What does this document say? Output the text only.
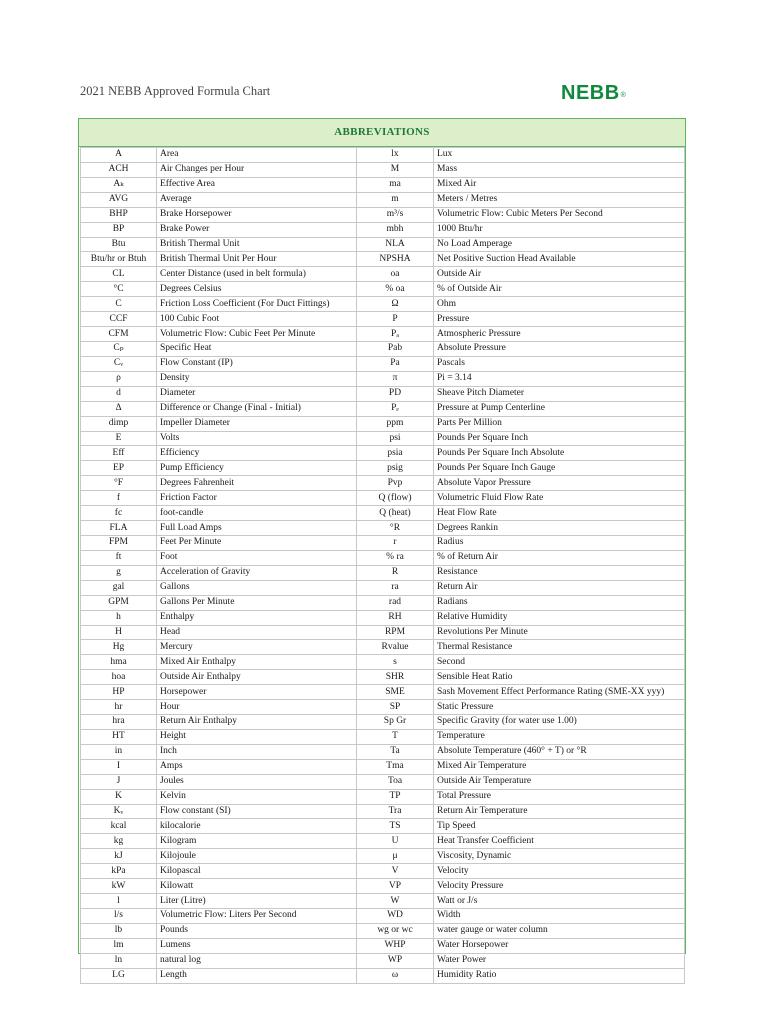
2021 NEBB Approved Formula Chart	NEBB®
ABBREVIATIONS
A	Area	lx	Lux
ACH	Air Changes per Hour	M	Mass
Aₖ	Effective Area	ma	Mixed Air
AVG	Average	m	Meters / Metres
BHP	Brake Horsepower	m³/s	Volumetric Flow: Cubic Meters Per Second
BP	Brake Power	mbh	1000 Btu/hr
Btu	British Thermal Unit	NLA	No Load Amperage
Btu/hr or Btuh	British Thermal Unit Per Hour	NPSHA	Net Positive Suction Head Available
CL	Center Distance (used in belt formula)	oa	Outside Air
°C	Degrees Celsius	% oa	% of Outside Air
C	Friction Loss Coefficient (For Duct Fittings)	Ω	Ohm
CCF	100 Cubic Foot	P	Pressure
CFM	Volumetric Flow: Cubic Feet Per Minute	Pₐ	Atmospheric Pressure
Cₚ	Specific Heat	Pab	Absolute Pressure
Cᵥ	Flow Constant (IP)	Pa	Pascals
ρ	Density	π	Pi = 3.14
d	Diameter	PD	Sheave Pitch Diameter
Δ	Difference or Change (Final - Initial)	Pₑ	Pressure at Pump Centerline
dimp	Impeller Diameter	ppm	Parts Per Million
E	Volts	psi	Pounds Per Square Inch
Eff	Efficiency	psia	Pounds Per Square Inch Absolute
EP	Pump Efficiency	psig	Pounds Per Square Inch Gauge
°F	Degrees Fahrenheit	Pvp	Absolute Vapor Pressure
f	Friction Factor	Q (flow)	Volumetric Fluid Flow Rate
fc	foot-candle	Q (heat)	Heat Flow Rate
FLA	Full Load Amps	°R	Degrees Rankin
FPM	Feet Per Minute	r	Radius
ft	Foot	% ra	% of Return Air
g	Acceleration of Gravity	R	Resistance
gal	Gallons	ra	Return Air
GPM	Gallons Per Minute	rad	Radians
h	Enthalpy	RH	Relative Humidity
H	Head	RPM	Revolutions Per Minute
Hg	Mercury	Rvalue	Thermal Resistance
hma	Mixed Air Enthalpy	s	Second
hoa	Outside Air Enthalpy	SHR	Sensible Heat Ratio
HP	Horsepower	SME	Sash Movement Effect Performance Rating (SME-XX yyy)
hr	Hour	SP	Static Pressure
hra	Return Air Enthalpy	Sp Gr	Specific Gravity (for water use 1.00)
HT	Height	T	Temperature
in	Inch	Ta	Absolute Temperature (460° + T) or °R
I	Amps	Tma	Mixed Air Temperature
J	Joules	Toa	Outside Air Temperature
K	Kelvin	TP	Total Pressure
Kᵥ	Flow constant (SI)	Tra	Return Air Temperature
kcal	kilocalorie	TS	Tip Speed
kg	Kilogram	U	Heat Transfer Coefficient
kJ	Kilojoule	μ	Viscosity, Dynamic
kPa	Kilopascal	V	Velocity
kW	Kilowatt	VP	Velocity Pressure
l	Liter (Litre)	W	Watt or J/s
l/s	Volumetric Flow: Liters Per Second	WD	Width
lb	Pounds	wg or wc	water gauge or water column
lm	Lumens	WHP	Water Horsepower
ln	natural log	WP	Water Power
LG	Length	ω	Humidity Ratio
